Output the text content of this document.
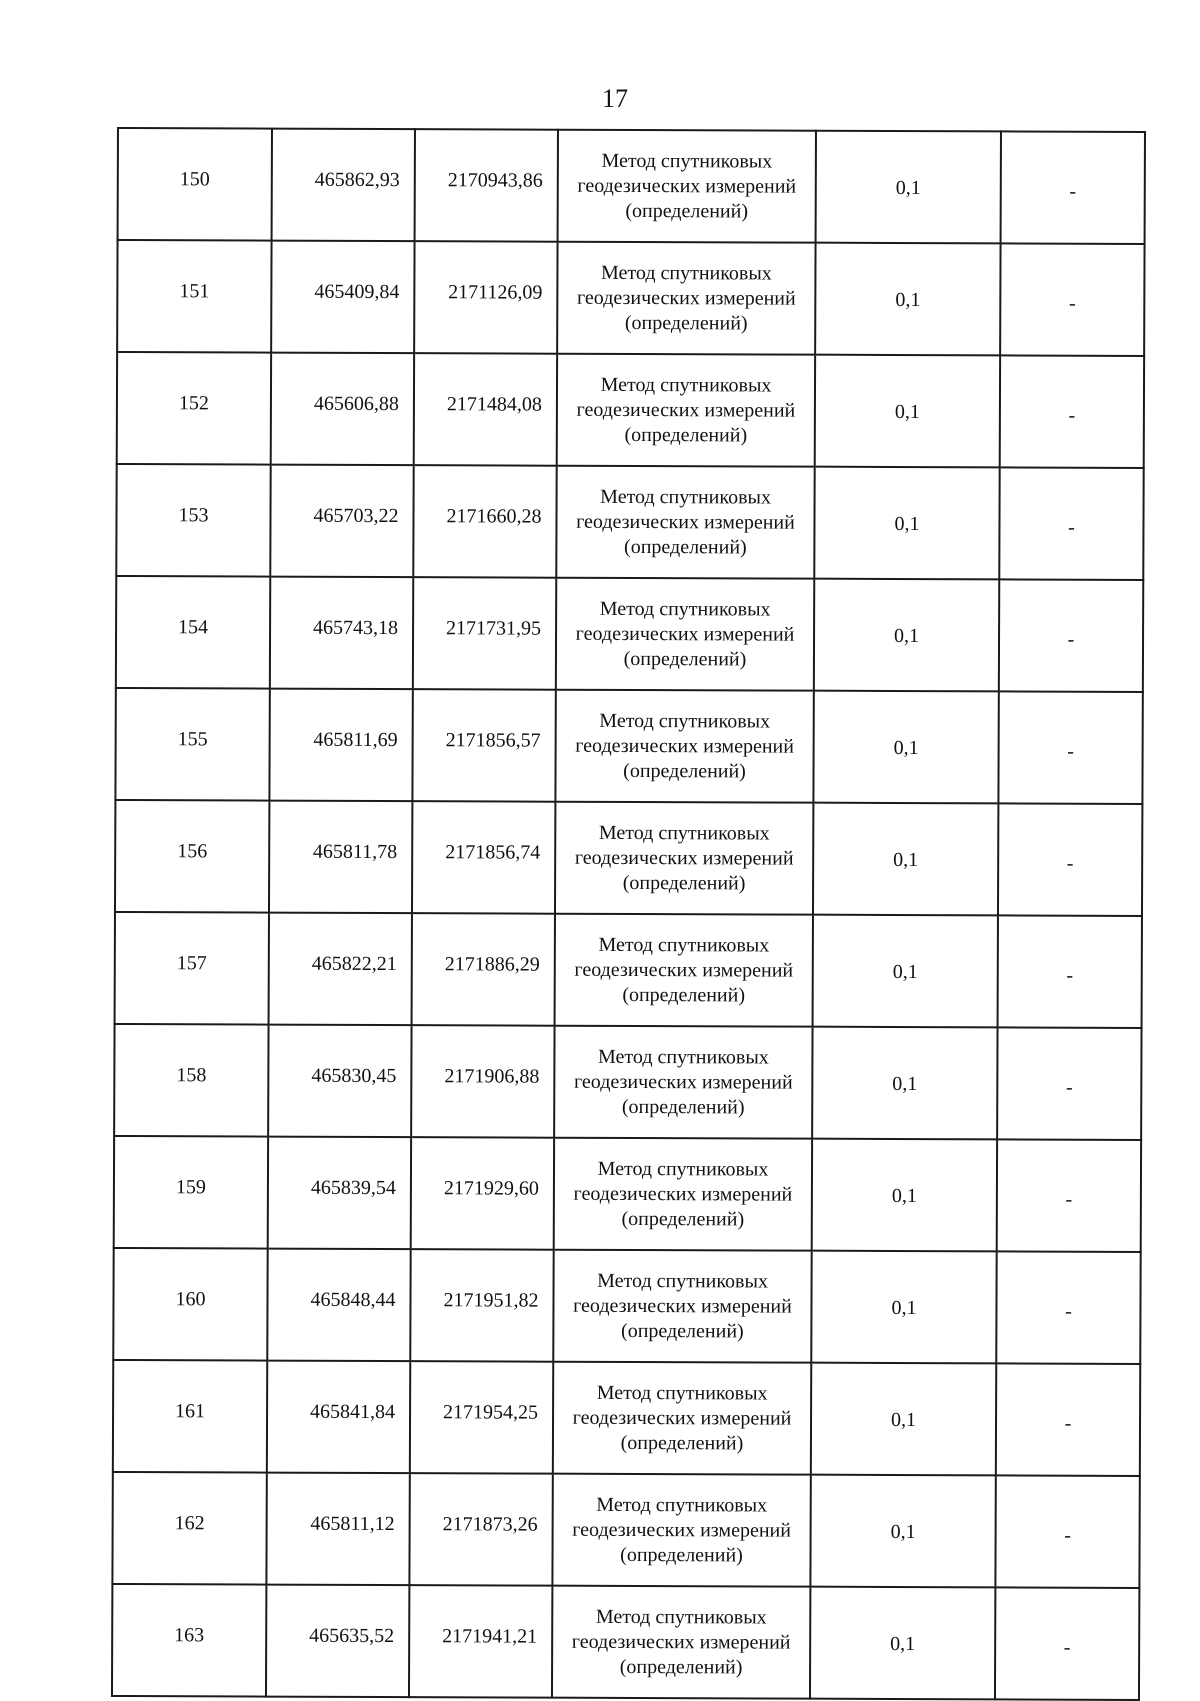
17
150	465862,93	2170943,86	Метод спутниковых
геодезических измерений
(определений)	0,1	-
151	465409,84	2171126,09	Метод спутниковых
геодезических измерений
(определений)	0,1	-
152	465606,88	2171484,08	Метод спутниковых
геодезических измерений
(определений)	0,1	-
153	465703,22	2171660,28	Метод спутниковых
геодезических измерений
(определений)	0,1	-
154	465743,18	2171731,95	Метод спутниковых
геодезических измерений
(определений)	0,1	-
155	465811,69	2171856,57	Метод спутниковых
геодезических измерений
(определений)	0,1	-
156	465811,78	2171856,74	Метод спутниковых
геодезических измерений
(определений)	0,1	-
157	465822,21	2171886,29	Метод спутниковых
геодезических измерений
(определений)	0,1	-
158	465830,45	2171906,88	Метод спутниковых
геодезических измерений
(определений)	0,1	-
159	465839,54	2171929,60	Метод спутниковых
геодезических измерений
(определений)	0,1	-
160	465848,44	2171951,82	Метод спутниковых
геодезических измерений
(определений)	0,1	-
161	465841,84	2171954,25	Метод спутниковых
геодезических измерений
(определений)	0,1	-
162	465811,12	2171873,26	Метод спутниковых
геодезических измерений
(определений)	0,1	-
163	465635,52	2171941,21	Метод спутниковых
геодезических измерений
(определений)	0,1	-
